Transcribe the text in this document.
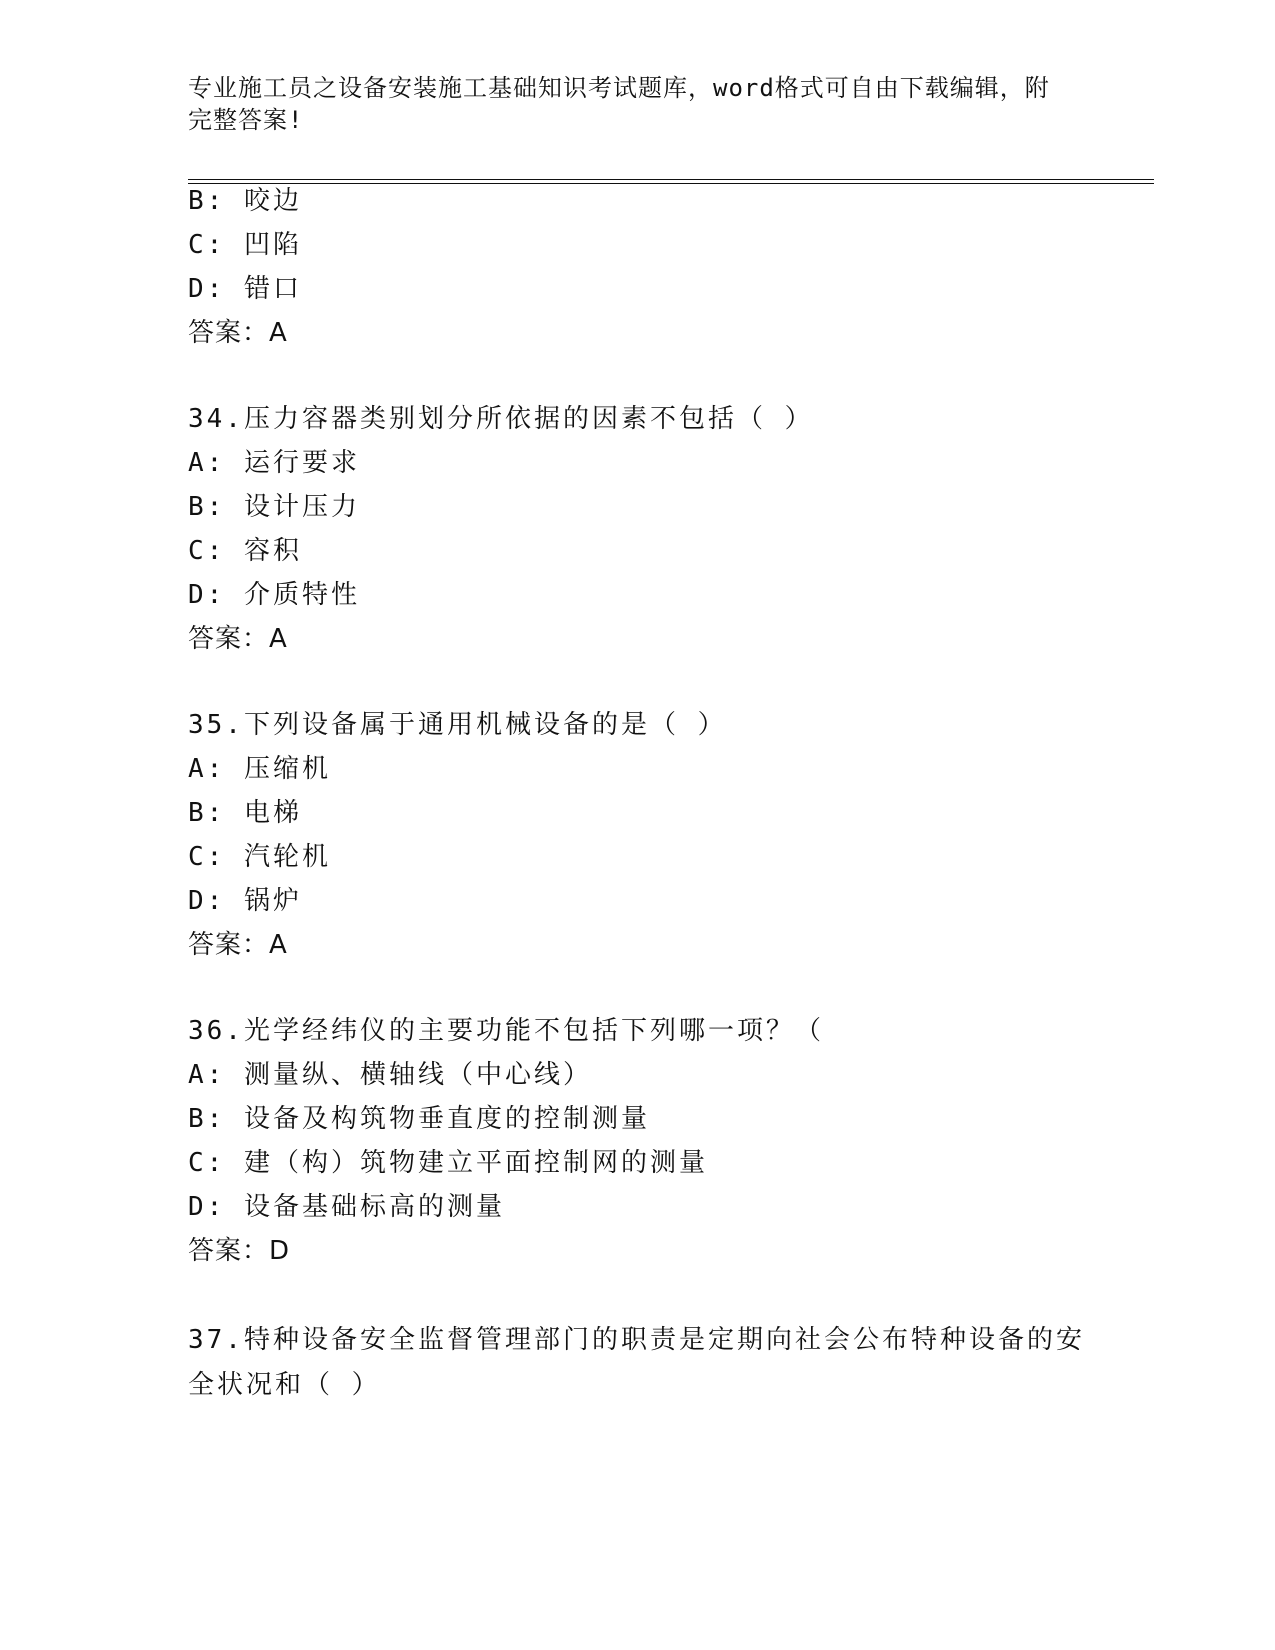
专业施工员之设备安装施工基础知识考试题库，word格式可自由下载编辑，附完整答案!
B: 咬边
C: 凹陷
D: 错口
答案：A
34.压力容器类别划分所依据的因素不包括（ ）
A: 运行要求
B: 设计压力
C: 容积
D: 介质特性
答案：A
35.下列设备属于通用机械设备的是（ ）
A: 压缩机
B: 电梯
C: 汽轮机
D: 锅炉
答案：A
36.光学经纬仪的主要功能不包括下列哪一项？（
A: 测量纵、横轴线（中心线）
B: 设备及构筑物垂直度的控制测量
C: 建（构）筑物建立平面控制网的测量
D: 设备基础标高的测量
答案：D
37.特种设备安全监督管理部门的职责是定期向社会公布特种设备的安全状况和（ ）
